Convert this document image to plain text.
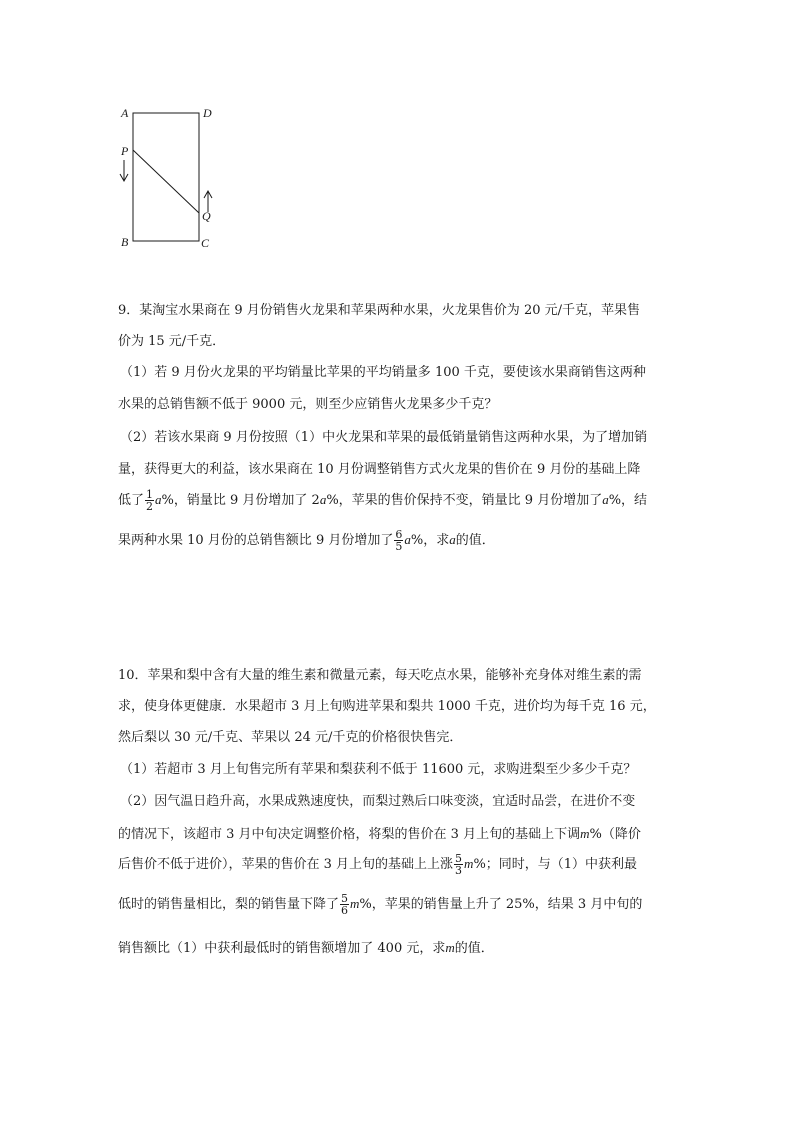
A	D
P
Q
B	C
9．某淘宝水果商在 9 月份销售火龙果和苹果两种水果，火龙果售价为 20 元/千克，苹果售
价为 15 元/千克．
（1）若 9 月份火龙果的平均销量比苹果的平均销量多 100 千克，要使该水果商销售这两种
水果的总销售额不低于 9000 元，则至少应销售火龙果多少千克？
（2）若该水果商 9 月份按照（1）中火龙果和苹果的最低销量销售这两种水果，为了增加销
量，获得更大的利益，该水果商在 10 月份调整销售方式火龙果的售价在 9 月份的基础上降
低了 $\frac{1}{2} a\%$，销量比 9 月份增加了 2a%，苹果的售价保持不变，销量比 9 月份增加了a%，结
果两种水果 10 月份的总销售额比 9 月份增加了 $\frac{6}{5} a\%$，求a的值．
10．苹果和梨中含有大量的维生素和微量元素，每天吃点水果，能够补充身体对维生素的需
求，使身体更健康．水果超市 3 月上旬购进苹果和梨共 1000 千克，进价均为每千克 16 元，
然后梨以 30 元/千克、苹果以 24 元/千克的价格很快售完．
（1）若超市 3 月上旬售完所有苹果和梨获利不低于 11600 元，求购进梨至少多少千克？
（2）因气温日趋升高，水果成熟速度快，而梨过熟后口味变淡，宜适时品尝，在进价不变
的情况下，该超市 3 月中旬决定调整价格，将梨的售价在 3 月上旬的基础上下调m%（降价
后售价不低于进价），苹果的售价在 3 月上旬的基础上上涨 $\frac{5}{3} m\%$；同时，与（1）中获利最
低时的销售量相比，梨的销售量下降了 $\frac{5}{6} m\%$，苹果的销售量上升了 25%，结果 3 月中旬的
销售额比（1）中获利最低时的销售额增加了 400 元，求m的值．
